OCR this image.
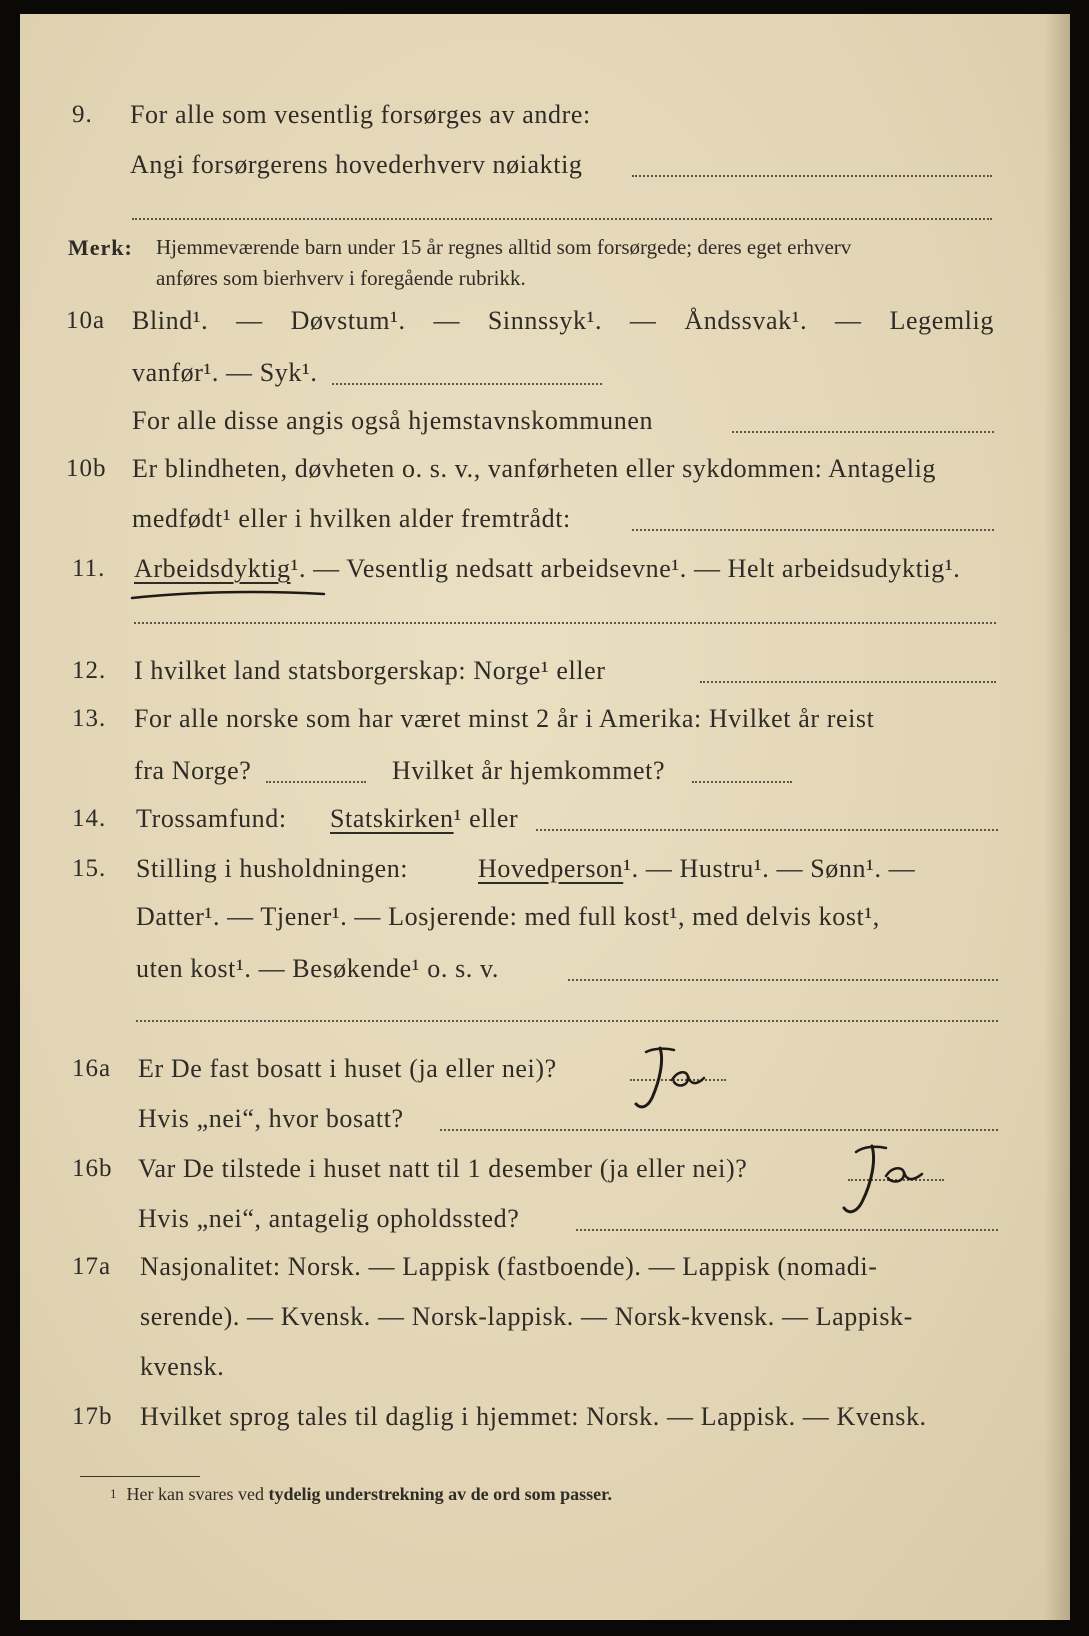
9. For alle som vesentlig forsørges av andre:
Angi forsørgerens hovederhverv nøiaktig
Merk: Hjemmeværende barn under 15 år regnes alltid som forsørgede; deres eget erhverv
anføres som bierhverv i foregående rubrikk.
10a Blind¹. — Døvstum¹. — Sinnssyk¹. — Åndssvak¹. — Legemlig
vanfør¹. — Syk¹.
For alle disse angis også hjemstavnskommunen
10b Er blindheten, døvheten o. s. v., vanførheten eller sykdommen: Antagelig
medfødt¹ eller i hvilken alder fremtrådt:
11. Arbeidsdyktig¹. — Vesentlig nedsatt arbeidsevne¹. — Helt arbeidsudyktig¹.
12. I hvilket land statsborgerskap: Norge¹ eller
13. For alle norske som har været minst 2 år i Amerika: Hvilket år reist
fra Norge?	Hvilket år hjemkommet?
14. Trossamfund: Statskirken¹ eller
15. Stilling i husholdningen:	Hovedperson¹. — Hustru¹. — Sønn¹. —
Datter¹. — Tjener¹. — Losjerende: med full kost¹, med delvis kost¹,
uten kost¹. — Besøkende¹ o. s. v.
16a Er De fast bosatt i huset (ja eller nei)?
Hvis „nei“, hvor bosatt?
16b Var De tilstede i huset natt til 1 desember (ja eller nei)?
Hvis „nei“, antagelig opholdssted?
17a Nasjonalitet: Norsk. — Lappisk (fastboende). — Lappisk (nomadi-
serende). — Kvensk. — Norsk-lappisk. — Norsk-kvensk. — Lappisk-
kvensk.
17b Hvilket sprog tales til daglig i hjemmet: Norsk. — Lappisk. — Kvensk.
$^1$ Her kan svares ved tydelig understrekning av de ord som passer.
